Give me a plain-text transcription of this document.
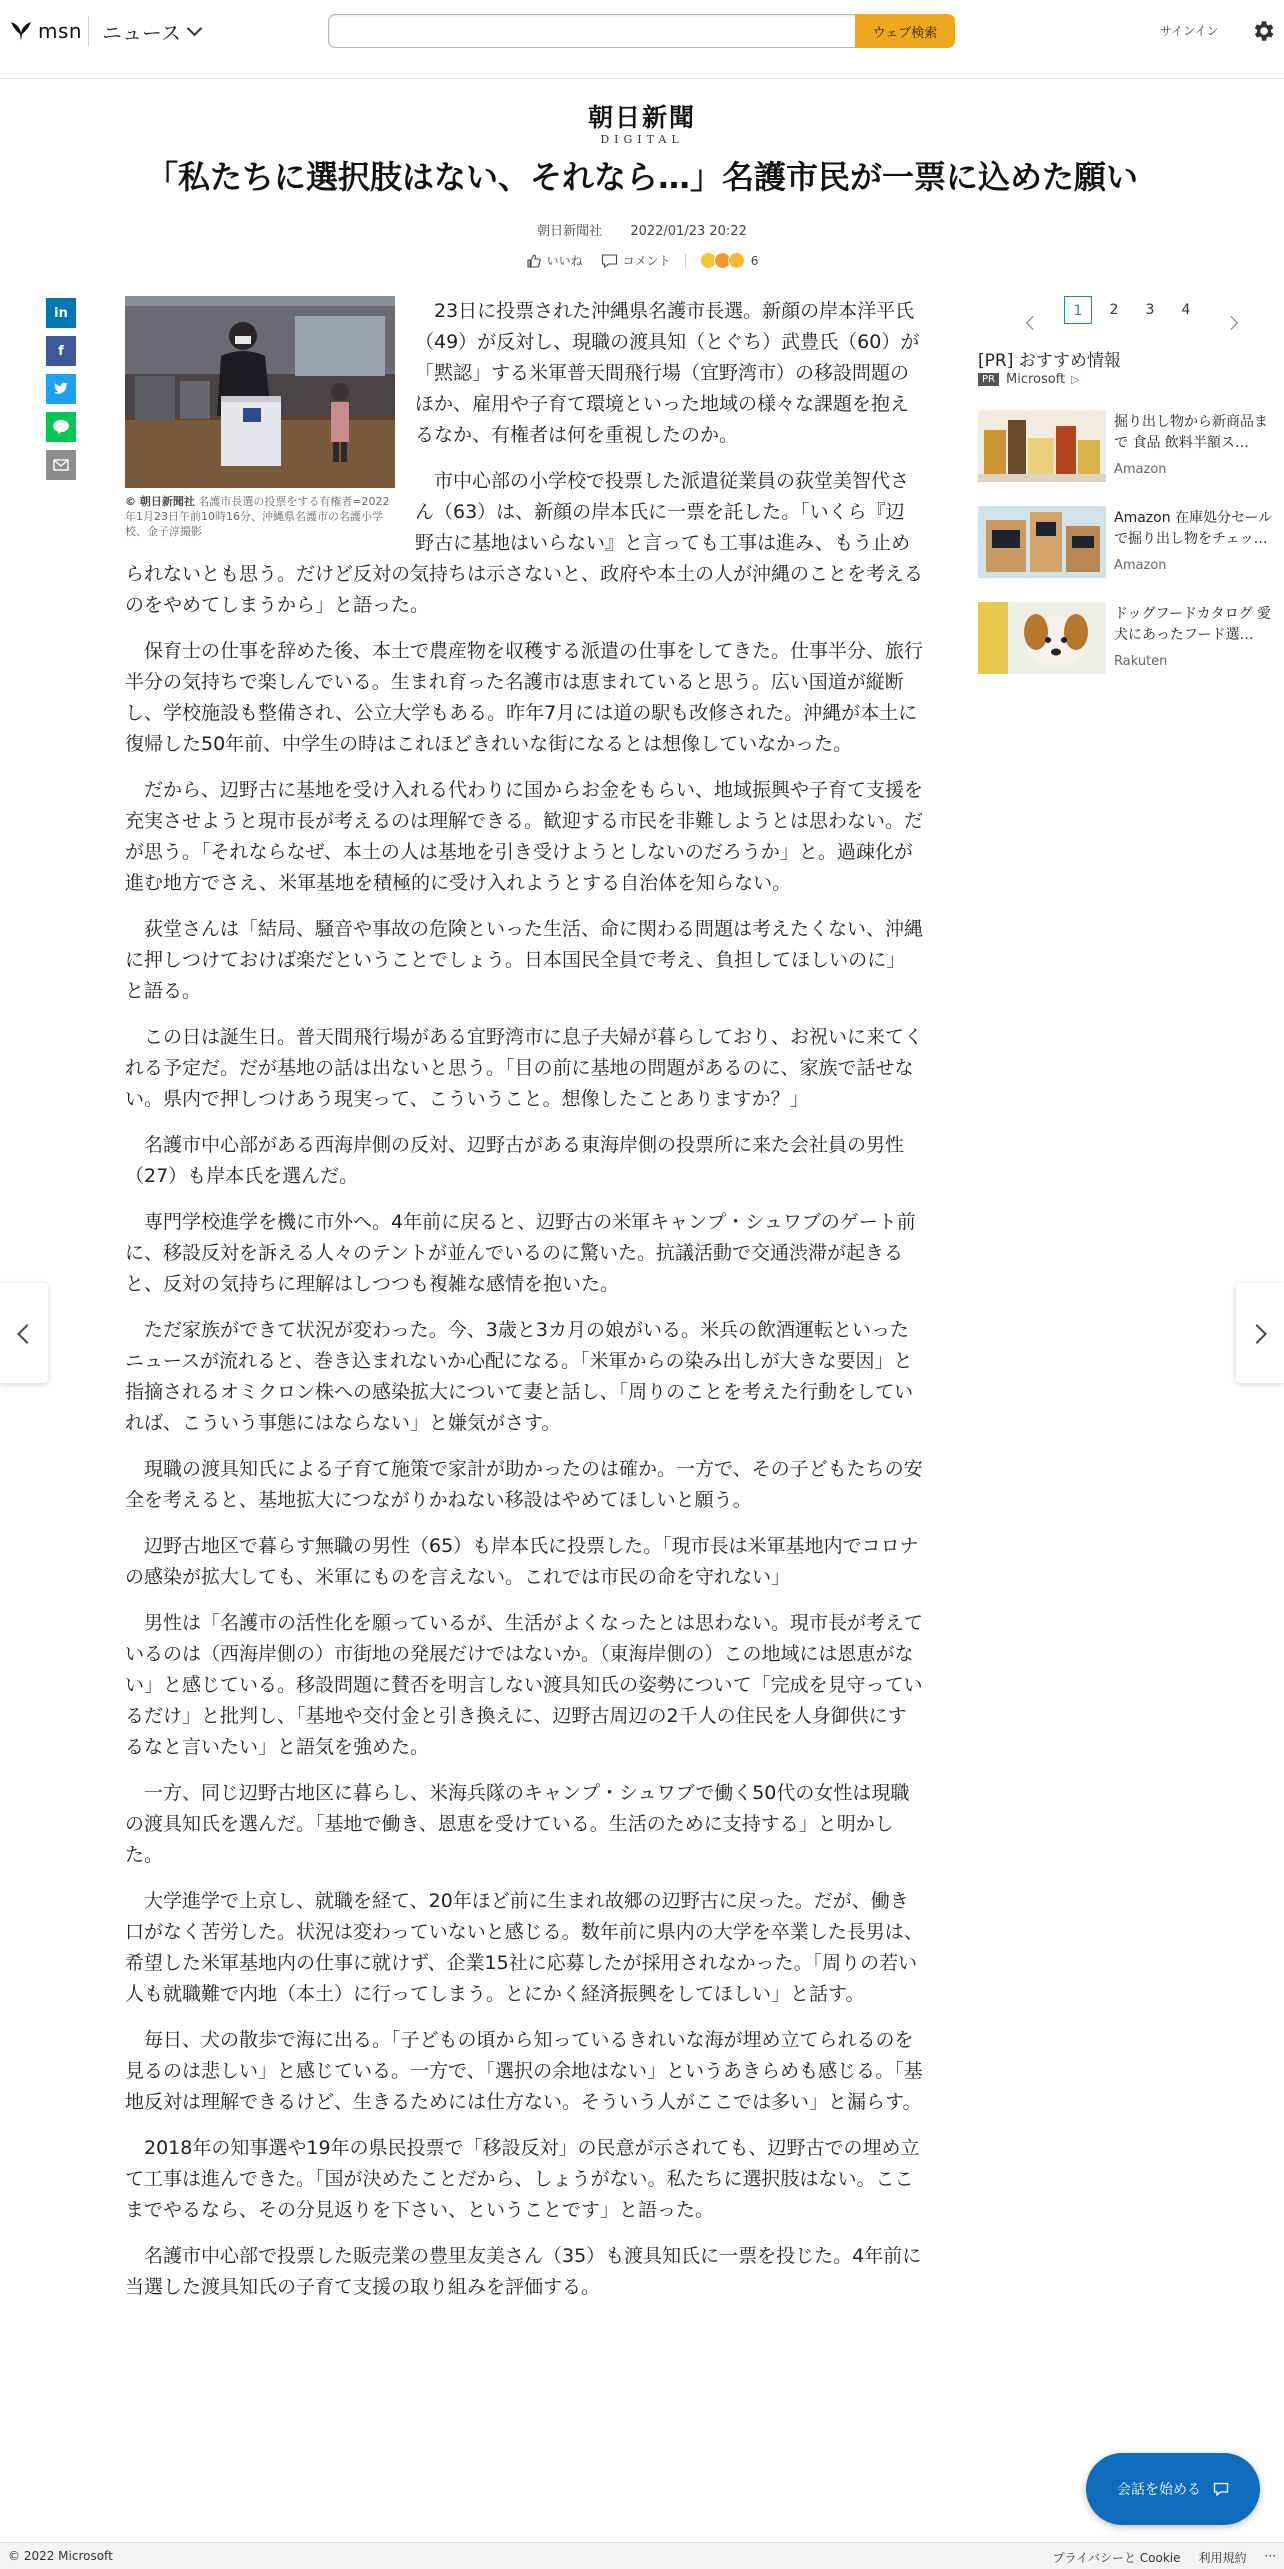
msn ニュース	ウェブ検索	サインイン
朝日新聞
DIGITAL
「私たちに選択肢はない、それなら…」名護市民が一票に込めた願い
朝日新聞社 2022/01/23 20:22
いいね	コメント	6
in
f
© 朝日新聞社 名護市長選の投票をする有権者=2022年1月23日午前10時16分、沖縄県名護市の名護小学校、金子淳撮影

23日に投票された沖縄県名護市長選。新顔の岸本洋平氏（49）が反対し、現職の渡具知（とぐち）武豊氏（60）が「黙認」する米軍普天間飛行場（宜野湾市）の移設問題のほか、雇用や子育て環境といった地域の様々な課題を抱えるなか、有権者は何を重視したのか。

市中心部の小学校で投票した派遣従業員の荻堂美智代さん（63）は、新顔の岸本氏に一票を託した。「いくら『辺野古に基地はいらない』と言っても工事は進み、もう止められないとも思う。だけど反対の気持ちは示さないと、政府や本土の人が沖縄のことを考えるのをやめてしまうから」と語った。

保育士の仕事を辞めた後、本土で農産物を収穫する派遣の仕事をしてきた。仕事半分、旅行半分の気持ちで楽しんでいる。生まれ育った名護市は恵まれていると思う。広い国道が縦断し、学校施設も整備され、公立大学もある。昨年7月には道の駅も改修された。沖縄が本土に復帰した50年前、中学生の時はこれほどきれいな街になるとは想像していなかった。

だから、辺野古に基地を受け入れる代わりに国からお金をもらい、地域振興や子育て支援を充実させようと現市長が考えるのは理解できる。歓迎する市民を非難しようとは思わない。だが思う。「それならなぜ、本土の人は基地を引き受けようとしないのだろうか」と。過疎化が進む地方でさえ、米軍基地を積極的に受け入れようとする自治体を知らない。

荻堂さんは「結局、騒音や事故の危険といった生活、命に関わる問題は考えたくない、沖縄に押しつけておけば楽だということでしょう。日本国民全員で考え、負担してほしいのに」と語る。

この日は誕生日。普天間飛行場がある宜野湾市に息子夫婦が暮らしており、お祝いに来てくれる予定だ。だが基地の話は出ないと思う。「目の前に基地の問題があるのに、家族で話せない。県内で押しつけあう現実って、こういうこと。想像したことありますか？」

名護市中心部がある西海岸側の反対、辺野古がある東海岸側の投票所に来た会社員の男性（27）も岸本氏を選んだ。

専門学校進学を機に市外へ。4年前に戻ると、辺野古の米軍キャンプ・シュワブのゲート前に、移設反対を訴える人々のテントが並んでいるのに驚いた。抗議活動で交通渋滞が起きると、反対の気持ちに理解はしつつも複雑な感情を抱いた。

ただ家族ができて状況が変わった。今、3歳と3カ月の娘がいる。米兵の飲酒運転といったニュースが流れると、巻き込まれないか心配になる。「米軍からの染み出しが大きな要因」と指摘されるオミクロン株への感染拡大について妻と話し、「周りのことを考えた行動をしていれば、こういう事態にはならない」と嫌気がさす。

現職の渡具知氏による子育て施策で家計が助かったのは確か。一方で、その子どもたちの安全を考えると、基地拡大につながりかねない移設はやめてほしいと願う。

辺野古地区で暮らす無職の男性（65）も岸本氏に投票した。「現市長は米軍基地内でコロナの感染が拡大しても、米軍にものを言えない。これでは市民の命を守れない」

男性は「名護市の活性化を願っているが、生活がよくなったとは思わない。現市長が考えているのは（西海岸側の）市街地の発展だけではないか。（東海岸側の）この地域には恩恵がない」と感じている。移設問題に賛否を明言しない渡具知氏の姿勢について「完成を見守っているだけ」と批判し、「基地や交付金と引き換えに、辺野古周辺の2千人の住民を人身御供にするなと言いたい」と語気を強めた。

一方、同じ辺野古地区に暮らし、米海兵隊のキャンプ・シュワブで働く50代の女性は現職の渡具知氏を選んだ。「基地で働き、恩恵を受けている。生活のために支持する」と明かした。

大学進学で上京し、就職を経て、20年ほど前に生まれ故郷の辺野古に戻った。だが、働き口がなく苦労した。状況は変わっていないと感じる。数年前に県内の大学を卒業した長男は、希望した米軍基地内の仕事に就けず、企業15社に応募したが採用されなかった。「周りの若い人も就職難で内地（本土）に行ってしまう。とにかく経済振興をしてほしい」と話す。

毎日、犬の散歩で海に出る。「子どもの頃から知っているきれいな海が埋め立てられるのを見るのは悲しい」と感じている。一方で、「選択の余地はない」というあきらめも感じる。「基地反対は理解できるけど、生きるためには仕方ない。そういう人がここでは多い」と漏らす。

2018年の知事選や19年の県民投票で「移設反対」の民意が示されても、辺野古での埋め立て工事は進んできた。「国が決めたことだから、しょうがない。私たちに選択肢はない。ここまでやるなら、その分見返りを下さい、ということです」と語った。

名護市中心部で投票した販売業の豊里友美さん（35）も渡具知氏に一票を投じた。4年前に当選した渡具知氏の子育て支援の取り組みを評価する。

1	2	3	4
[PR] おすすめ情報
PR Microsoft ▷
掘り出し物から新商品まで 食品 飲料半額ス…
Amazon
Amazon 在庫処分セールで掘り出し物をチェッ…
Amazon
ドッグフードカタログ 愛犬にあったフード選…
Rakuten
会話を始める
© 2022 Microsoft	プライバシーと Cookie 利用規約 ···
